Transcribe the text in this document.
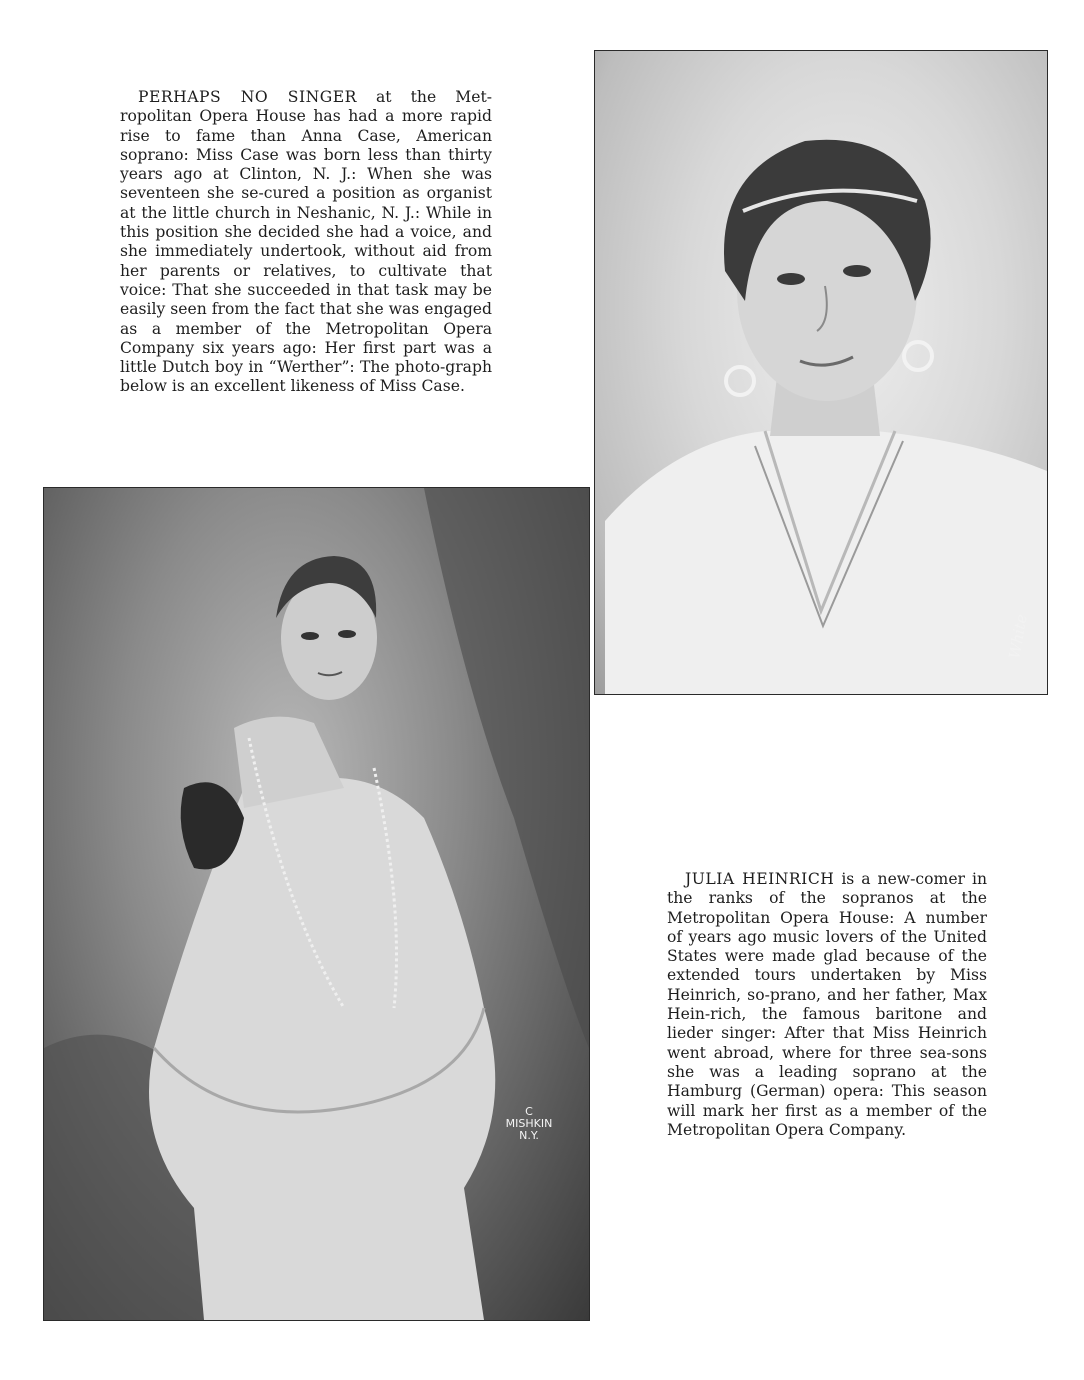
PERHAPS NO SINGER at the Met-ropolitan Opera House has had a more rapid rise to fame than Anna Case, American soprano: Miss Case was born less than thirty years ago at Clinton, N. J.: When she was seventeen she se-cured a position as organist at the little church in Neshanic, N. J.: While in this position she decided she had a voice, and she immediately undertook, without aid from her parents or relatives, to cultivate that voice: That she succeeded in that task may be easily seen from the fact that she was engaged as a member of the Metropolitan Opera Company six years ago: Her first part was a little Dutch boy in “Werther”: The photo-graph below is an excellent likeness of Miss Case.
White
C
MISHKIN
N.Y.
JULIA HEINRICH is a new-comer in the ranks of the sopranos at the Metropolitan Opera House: A number of years ago music lovers of the United States were made glad because of the extended tours undertaken by Miss Heinrich, so-prano, and her father, Max Hein-rich, the famous baritone and lieder singer: After that Miss Heinrich went abroad, where for three sea-sons she was a leading soprano at the Hamburg (German) opera: This season will mark her first as a member of the Metropolitan Opera Company.
